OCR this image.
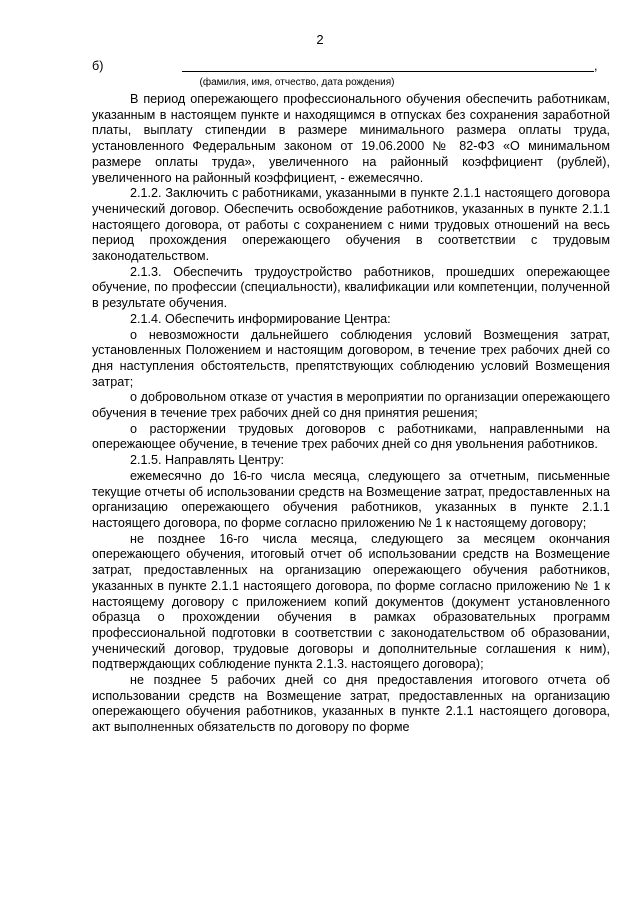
2
б)	,
(фамилия, имя, отчество, дата рождения)

В период опережающего профессионального обучения обеспечить работникам, указанным в настоящем пункте и находящимся в отпусках без сохранения заработной платы, выплату стипендии в размере минимального размера оплаты труда, установленного Федеральным законом от 19.06.2000 № 82-ФЗ «О минимальном размере оплаты труда», увеличенного на районный коэффициент (рублей), увеличенного на районный коэффициент, - ежемесячно.

2.1.2. Заключить с работниками, указанными в пункте 2.1.1 настоящего договора ученический договор. Обеспечить освобождение работников, указанных в пункте 2.1.1 настоящего договора, от работы с сохранением с ними трудовых отношений на весь период прохождения опережающего обучения в соответствии с трудовым законодательством.

2.1.3. Обеспечить трудоустройство работников, прошедших опережающее обучение, по профессии (специальности), квалификации или компетенции, полученной в результате обучения.

2.1.4. Обеспечить информирование Центра:

о невозможности дальнейшего соблюдения условий Возмещения затрат, установленных Положением и настоящим договором, в течение трех рабочих дней со дня наступления обстоятельств, препятствующих соблюдению условий Возмещения затрат;

о добровольном отказе от участия в мероприятии по организации опережающего обучения в течение трех рабочих дней со дня принятия решения;

о расторжении трудовых договоров с работниками, направленными на опережающее обучение, в течение трех рабочих дней со дня увольнения работников.

2.1.5. Направлять Центру:

ежемесячно до 16-го числа месяца, следующего за отчетным, письменные текущие отчеты об использовании средств на Возмещение затрат, предоставленных на организацию опережающего обучения работников, указанных в пункте 2.1.1 настоящего договора, по форме согласно приложению № 1 к настоящему договору;

не позднее 16-го числа месяца, следующего за месяцем окончания опережающего обучения, итоговый отчет об использовании средств на Возмещение затрат, предоставленных на организацию опережающего обучения работников, указанных в пункте 2.1.1 настоящего договора, по форме согласно приложению № 1 к настоящему договору с приложением копий документов (документ установленного образца о прохождении обучения в рамках образовательных программ профессиональной подготовки в соответствии с законодательством об образовании, ученический договор, трудовые договоры и дополнительные соглашения к ним), подтверждающих соблюдение пункта 2.1.3. настоящего договора);

не позднее 5 рабочих дней со дня предоставления итогового отчета об использовании средств на Возмещение затрат, предоставленных на организацию опережающего обучения работников, указанных в пункте 2.1.1 настоящего договора, акт выполненных обязательств по договору по форме
